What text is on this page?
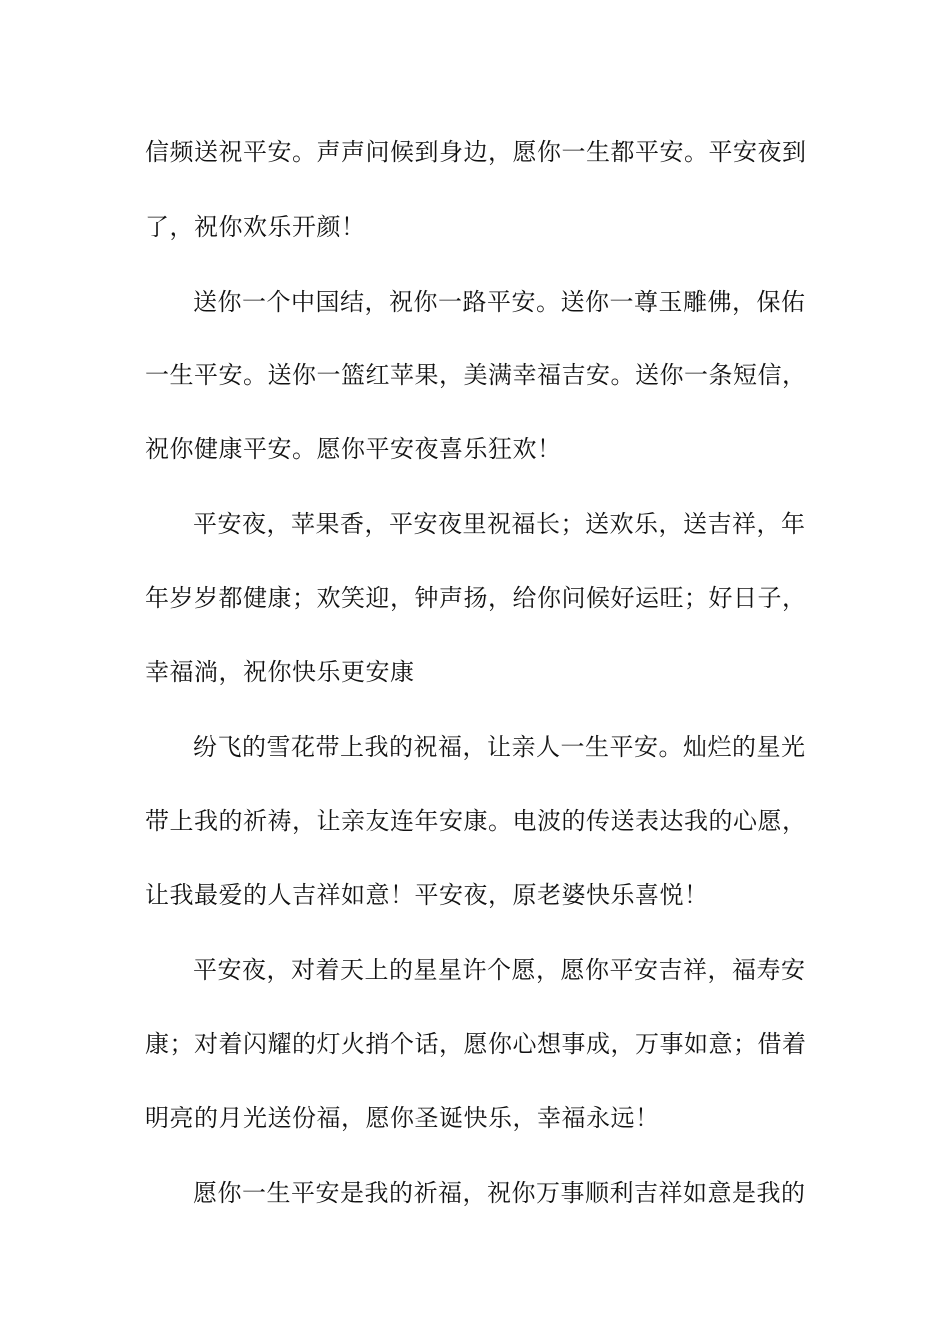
信频送祝平安。声声问候到身边，愿你一生都平安。平安夜到
了，祝你欢乐开颜！
送你一个中国结，祝你一路平安。送你一尊玉雕佛，保佑
一生平安。送你一篮红苹果，美满幸福吉安。送你一条短信，
祝你健康平安。愿你平安夜喜乐狂欢！
平安夜，苹果香，平安夜里祝福长；送欢乐，送吉祥，年
年岁岁都健康；欢笑迎，钟声扬，给你问候好运旺；好日子，
幸福淌，祝你快乐更安康
纷飞的雪花带上我的祝福，让亲人一生平安。灿烂的星光
带上我的祈祷，让亲友连年安康。电波的传送表达我的心愿，
让我最爱的人吉祥如意！平安夜，原老婆快乐喜悦！
平安夜，对着天上的星星许个愿，愿你平安吉祥，福寿安
康；对着闪耀的灯火捎个话，愿你心想事成，万事如意；借着
明亮的月光送份福，愿你圣诞快乐，幸福永远！
愿你一生平安是我的祈福，祝你万事顺利吉祥如意是我的
